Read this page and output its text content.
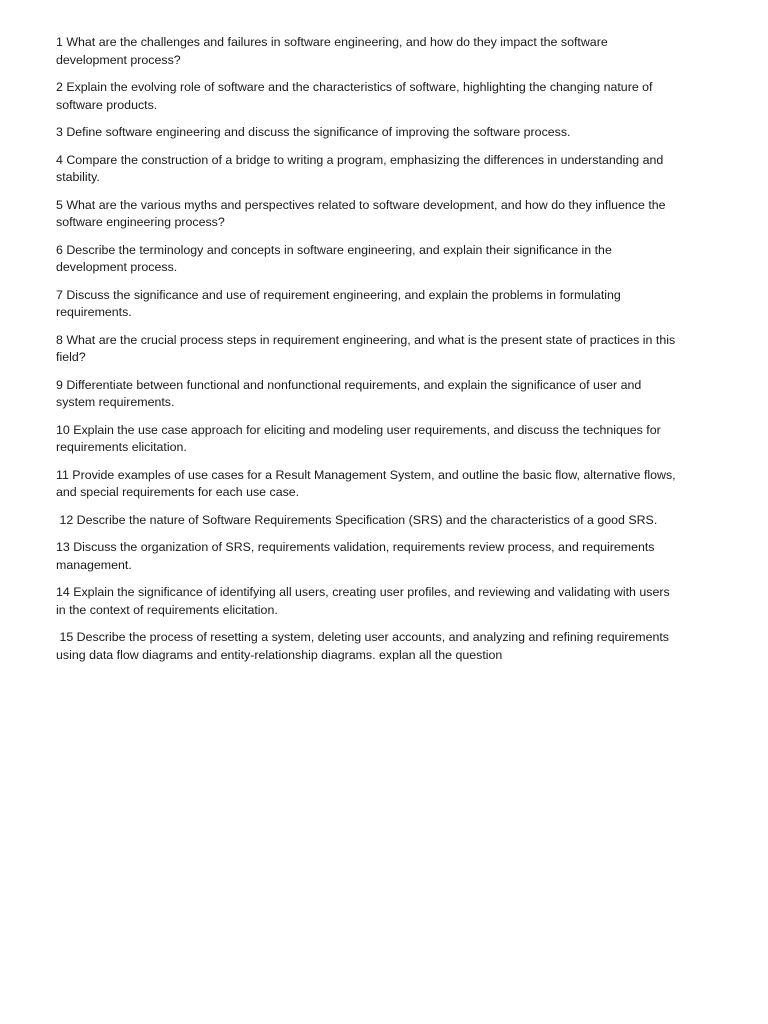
1 What are the challenges and failures in software engineering, and how do they impact the software development process?
2 Explain the evolving role of software and the characteristics of software, highlighting the changing nature of software products.
3 Define software engineering and discuss the significance of improving the software process.
4 Compare the construction of a bridge to writing a program, emphasizing the differences in understanding and stability.
5 What are the various myths and perspectives related to software development, and how do they influence the software engineering process?
6 Describe the terminology and concepts in software engineering, and explain their significance in the development process.
7 Discuss the significance and use of requirement engineering, and explain the problems in formulating requirements.
8 What are the crucial process steps in requirement engineering, and what is the present state of practices in this field?
9 Differentiate between functional and nonfunctional requirements, and explain the significance of user and system requirements.
10 Explain the use case approach for eliciting and modeling user requirements, and discuss the techniques for requirements elicitation.
11 Provide examples of use cases for a Result Management System, and outline the basic flow, alternative flows, and special requirements for each use case.
12 Describe the nature of Software Requirements Specification (SRS) and the characteristics of a good SRS.
13 Discuss the organization of SRS, requirements validation, requirements review process, and requirements management.
14 Explain the significance of identifying all users, creating user profiles, and reviewing and validating with users in the context of requirements elicitation.
15 Describe the process of resetting a system, deleting user accounts, and analyzing and refining requirements using data flow diagrams and entity-relationship diagrams. explan all the question
